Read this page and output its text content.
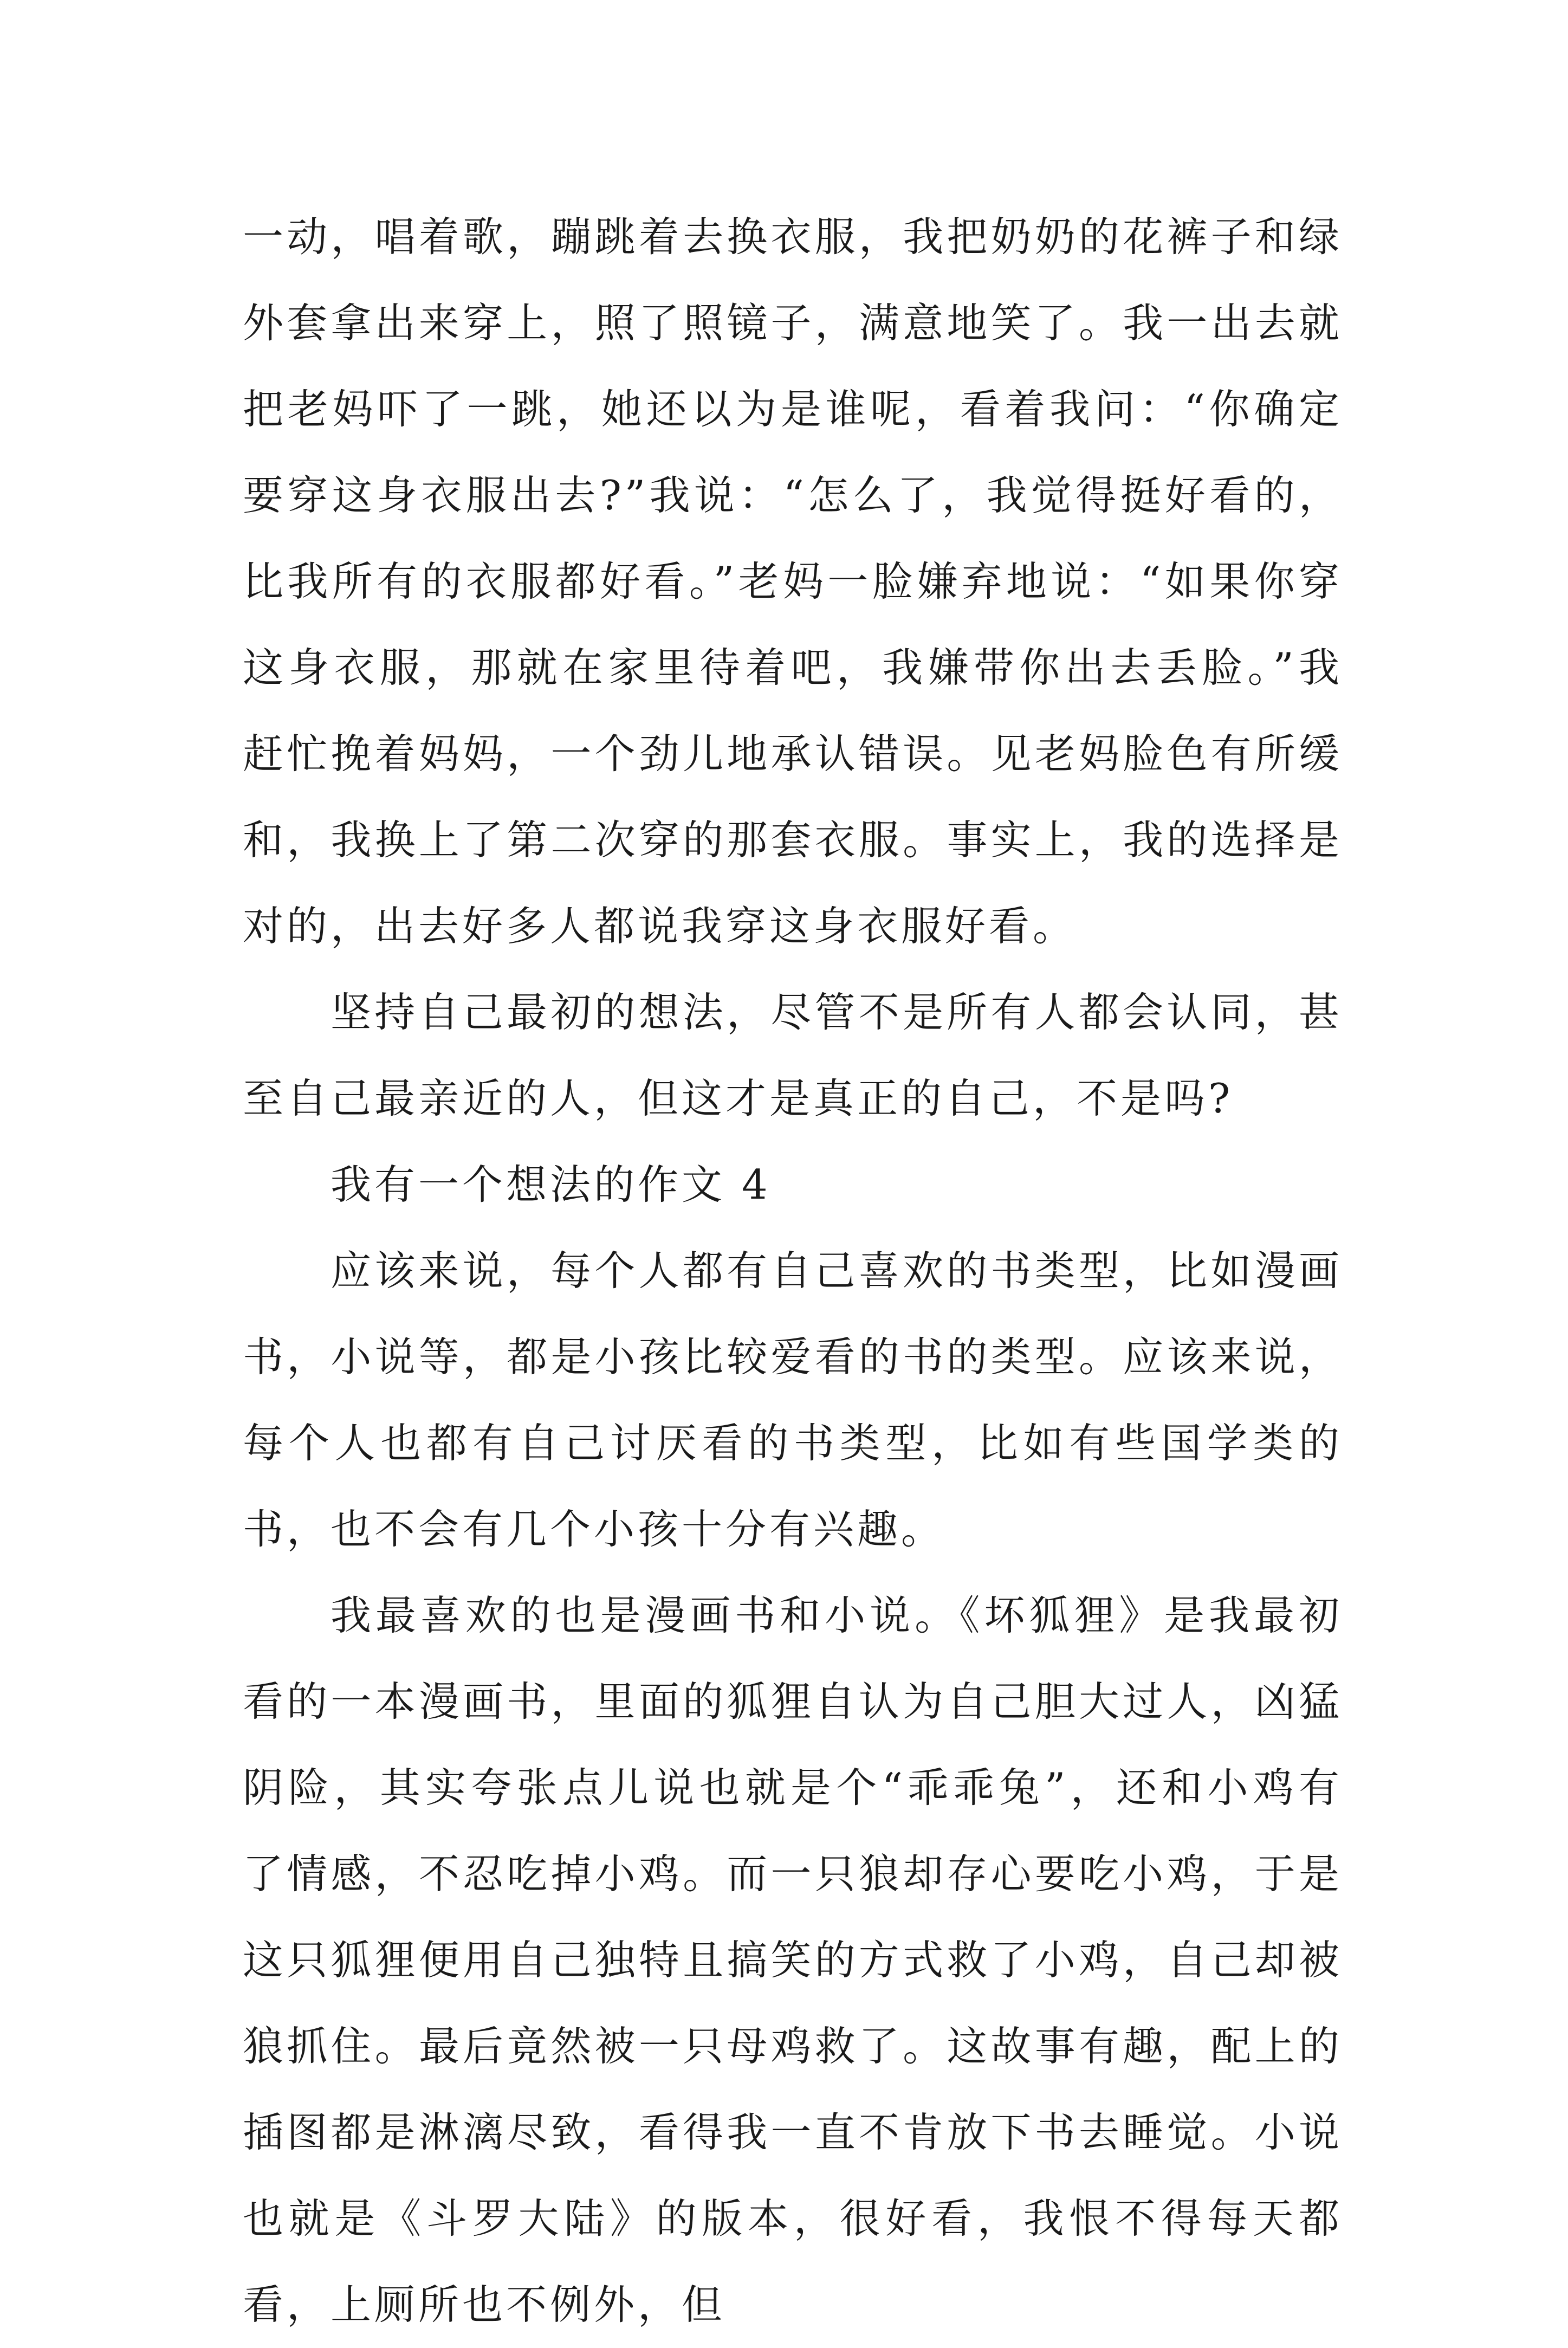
一动，唱着歌，蹦跳着去换衣服，我把奶奶的花裤子和绿外套拿出来穿上，照了照镜子，满意地笑了。我一出去就把老妈吓了一跳，她还以为是谁呢，看着我问：“你确定要穿这身衣服出去?”我说：“怎么了，我觉得挺好看的，比我所有的衣服都好看。”老妈一脸嫌弃地说：“如果你穿这身衣服，那就在家里待着吧，我嫌带你出去丢脸。”我赶忙挽着妈妈，一个劲儿地承认错误。见老妈脸色有所缓和，我换上了第二次穿的那套衣服。事实上，我的选择是对的，出去好多人都说我穿这身衣服好看。

坚持自己最初的想法，尽管不是所有人都会认同，甚至自己最亲近的人，但这才是真正的自己，不是吗?

我有一个想法的作文 4

应该来说，每个人都有自己喜欢的书类型，比如漫画书，小说等，都是小孩比较爱看的书的类型。应该来说，每个人也都有自己讨厌看的书类型，比如有些国学类的书，也不会有几个小孩十分有兴趣。

我最喜欢的也是漫画书和小说。《坏狐狸》是我最初看的一本漫画书，里面的狐狸自认为自己胆大过人，凶猛阴险，其实夸张点儿说也就是个“乖乖兔”，还和小鸡有了情感，不忍吃掉小鸡。而一只狼却存心要吃小鸡，于是这只狐狸便用自己独特且搞笑的方式救了小鸡，自己却被狼抓住。最后竟然被一只母鸡救了。这故事有趣，配上的插图都是淋漓尽致，看得我一直不肯放下书去睡觉。小说也就是《斗罗大陆》的版本，很好看，我恨不得每天都看，上厕所也不例外，但
